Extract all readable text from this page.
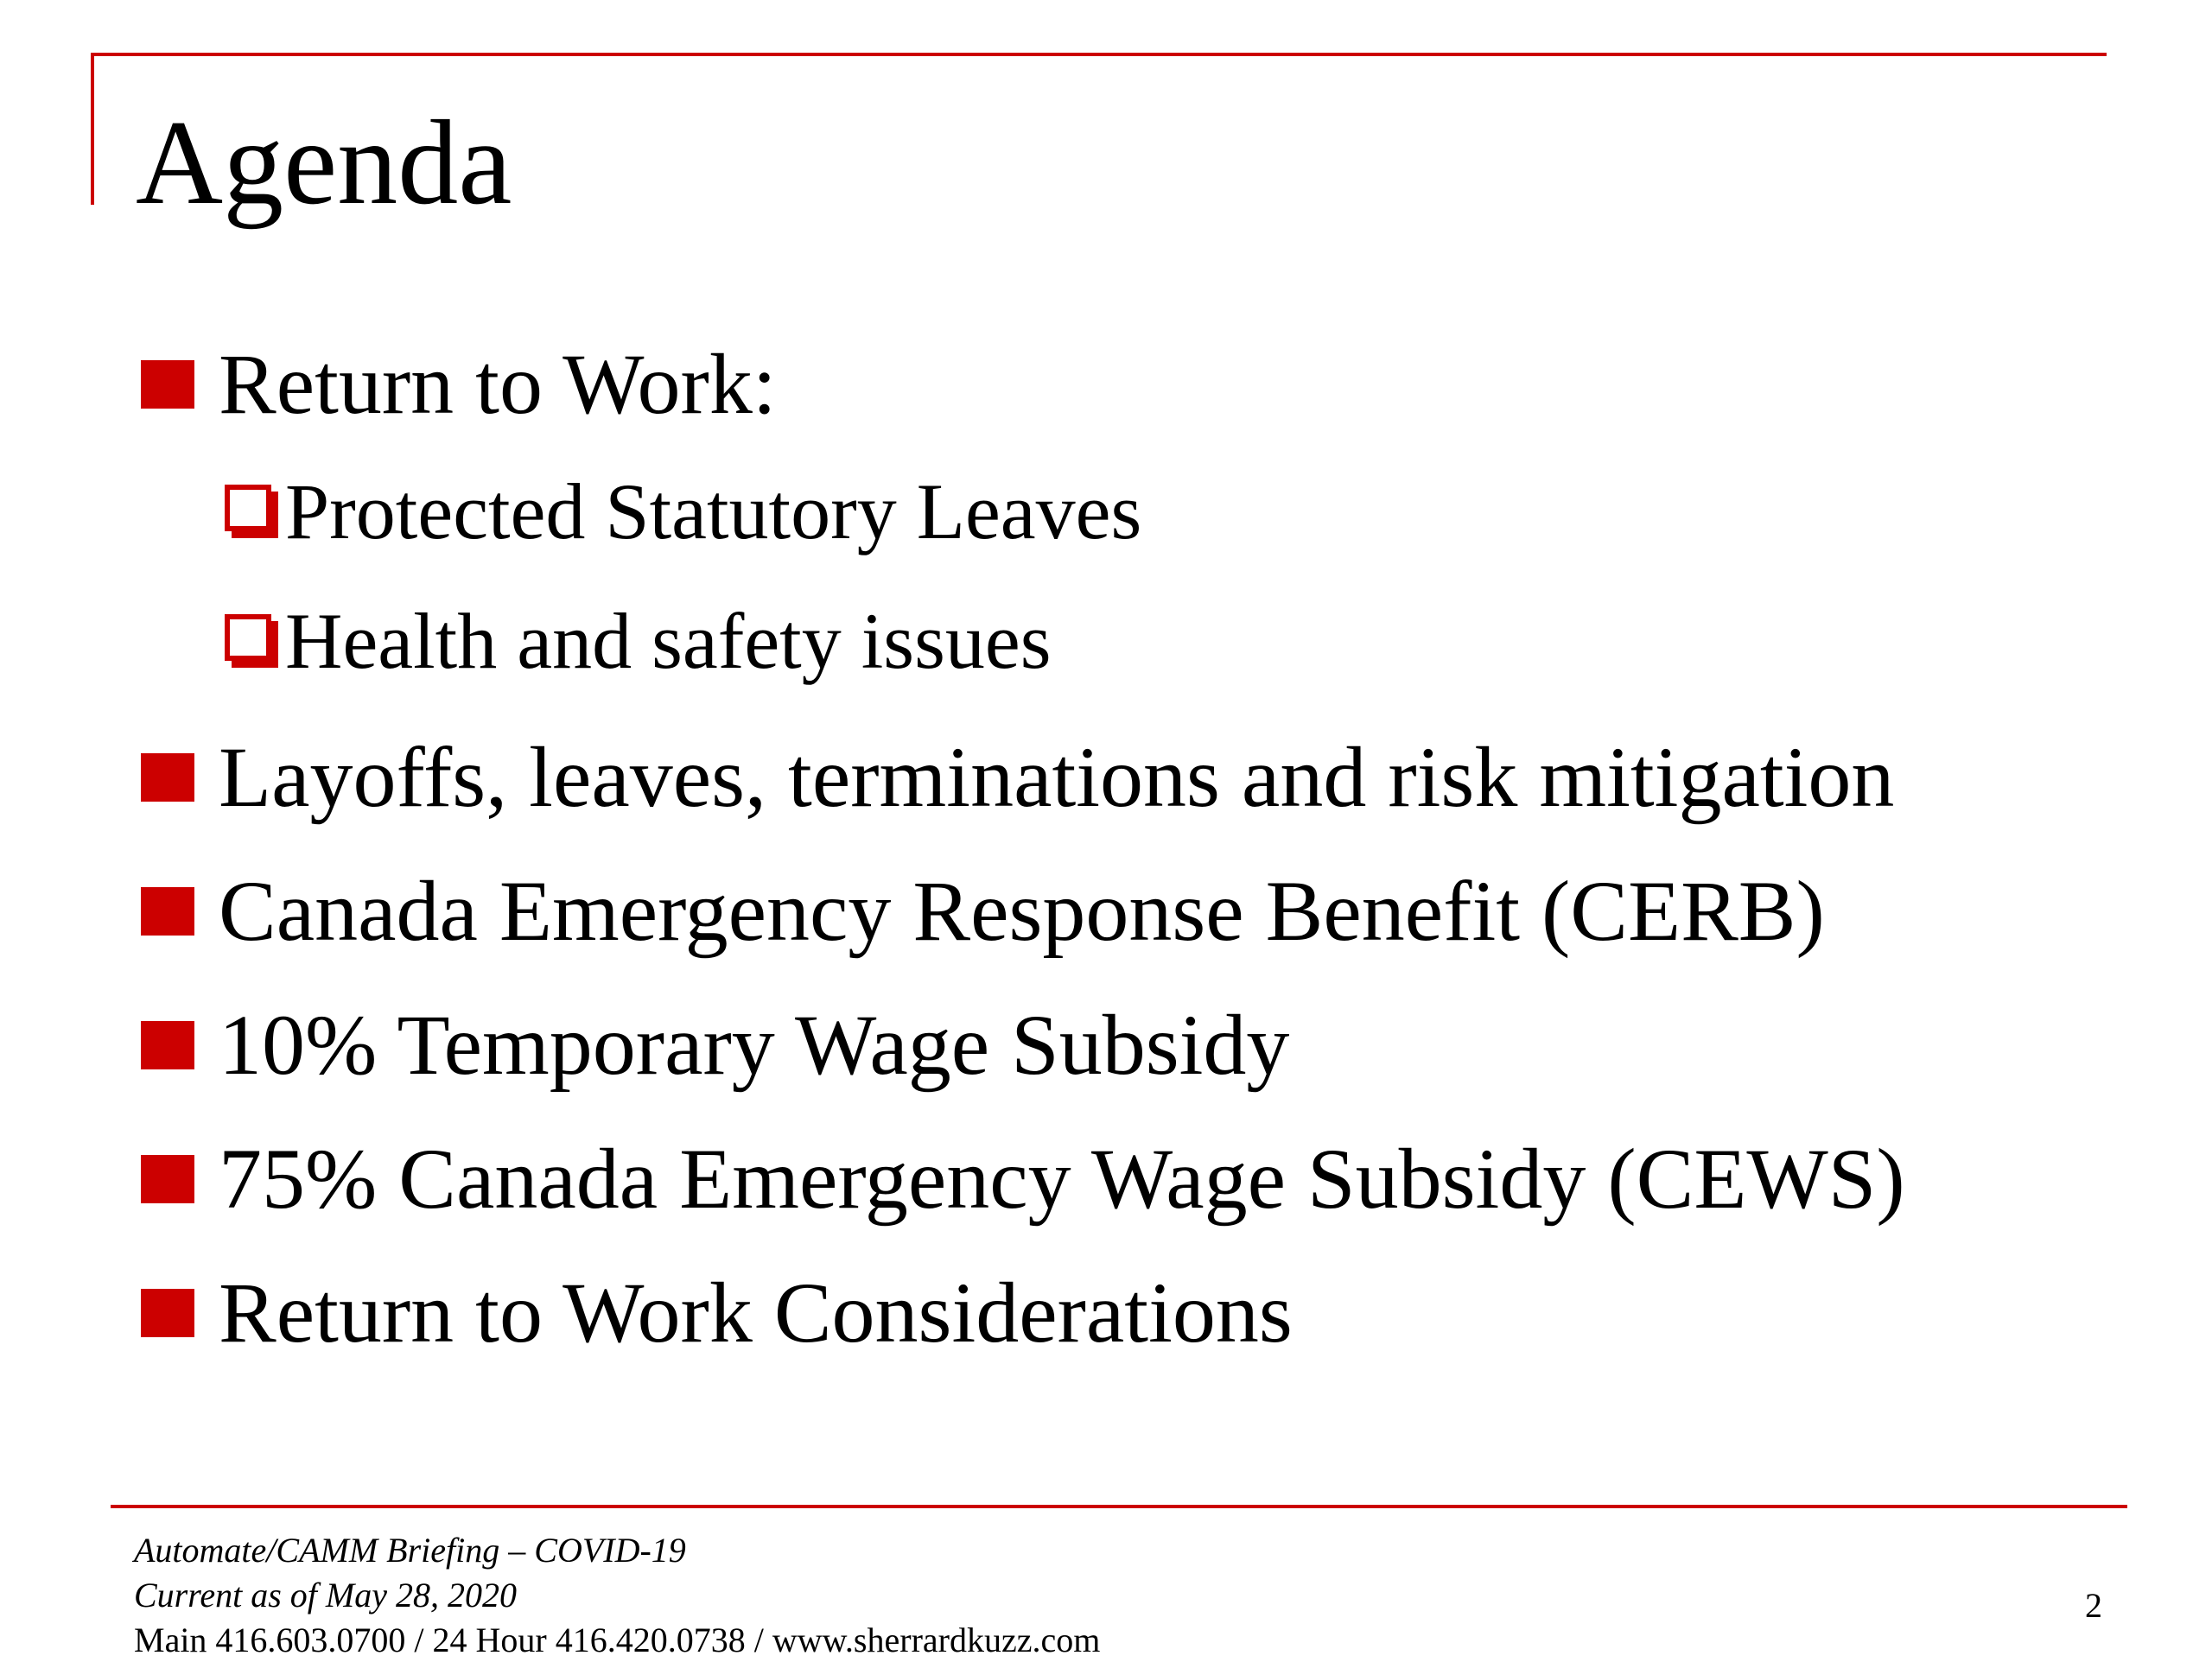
Agenda
Return to Work:
Protected Statutory Leaves
Health and safety issues
Layoffs, leaves, terminations and risk mitigation
Canada Emergency Response Benefit (CERB)
10% Temporary Wage Subsidy
75% Canada Emergency Wage Subsidy (CEWS)
Return to Work Considerations
Automate/CAMM Briefing – COVID-19
Current as of May 28, 2020
Main 416.603.0700 / 24 Hour 416.420.0738 / www.sherrardkuzz.com
2
